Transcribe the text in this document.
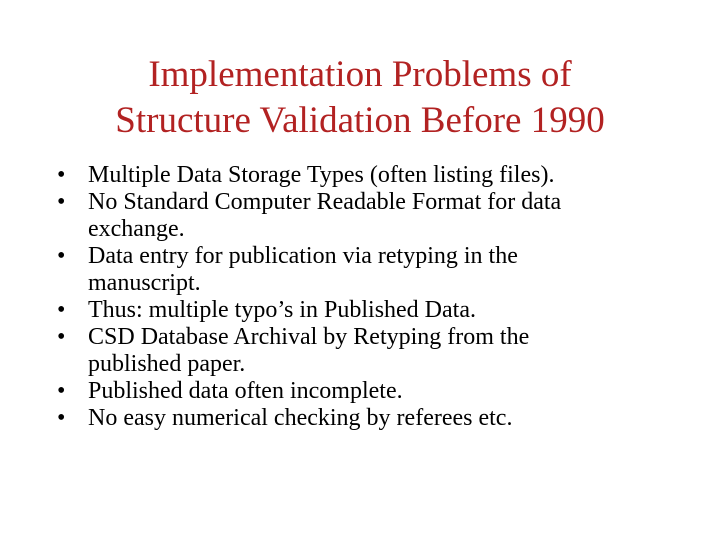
Implementation Problems of
Structure Validation Before 1990
• Multiple Data Storage Types (often listing files).
• No Standard Computer Readable Format for data
exchange.
• Data entry for publication via retyping in the
manuscript.
• Thus: multiple typo’s in Published Data.
• CSD Database Archival by Retyping from the
published paper.
• Published data often incomplete.
• No easy numerical checking by referees etc.
